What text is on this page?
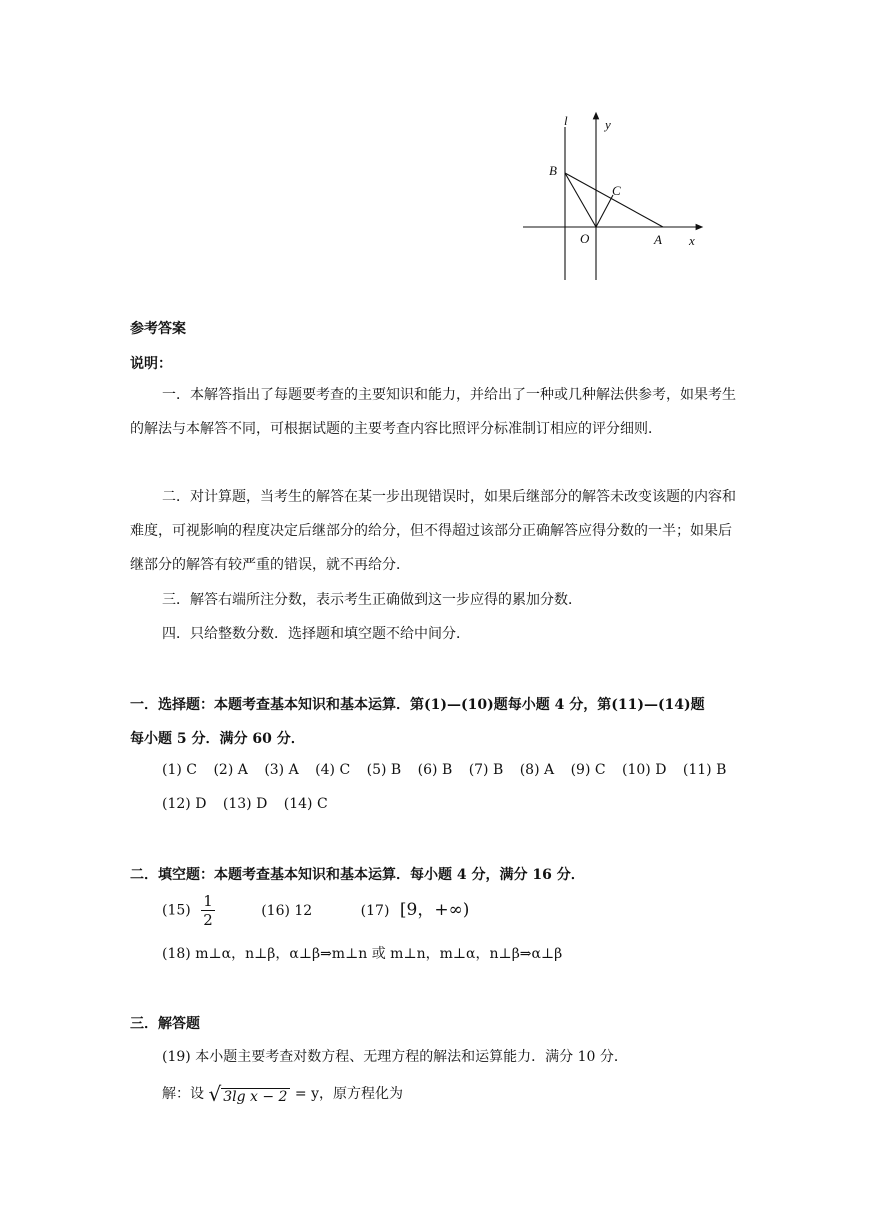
l	y
B
C
O	A x
参考答案
说明：
一．本解答指出了每题要考查的主要知识和能力，并给出了一种或几种解法供参考，如果考生的解法与本解答不同，可根据试题的主要考查内容比照评分标准制订相应的评分细则．
二．对计算题，当考生的解答在某一步出现错误时，如果后继部分的解答未改变该题的内容和难度，可视影响的程度决定后继部分的给分，但不得超过该部分正确解答应得分数的一半；如果后继部分的解答有较严重的错误，就不再给分．
三．解答右端所注分数，表示考生正确做到这一步应得的累加分数．
四．只给整数分数．选择题和填空题不给中间分．
一．选择题：本题考查基本知识和基本运算．第(1)—(10)题每小题 4 分，第(11)—(14)题
每小题 5 分．满分 60 分．
(1) C (2) A (3) A (4) C (5) B (6) B (7) B (8) A (9) C (10) D (11) B
(12) D (13) D (14) C
二．填空题：本题考查基本知识和基本运算．每小题 4 分，满分 16 分．
$(15) \frac{1}{2}$	(16) 12	(17) [9，+∞)
(18) m⊥α，n⊥β，α⊥β⇒m⊥n 或 m⊥n，m⊥α，n⊥β⇒α⊥β
三．解答题
(19) 本小题主要考查对数方程、无理方程的解法和运算能力．满分 10 分．
解：设 √ 3lg x − 2 = y，原方程化为
